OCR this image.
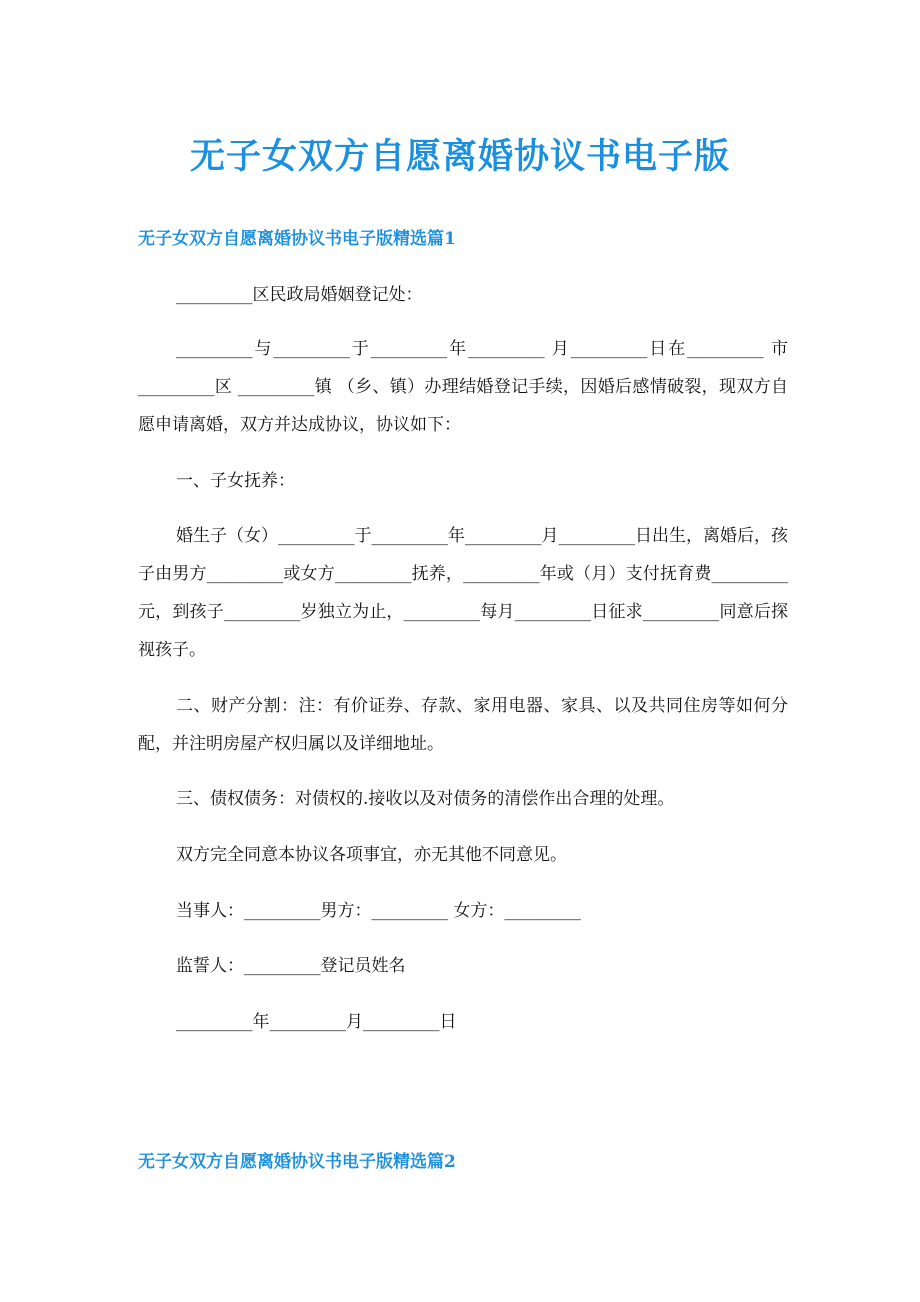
无子女双方自愿离婚协议书电子版
无子女双方自愿离婚协议书电子版精选篇1

_________区民政局婚姻登记处：

_________与_________于_________年_________ 月_________日在_________ 市_________区 _________镇 （乡、镇）办理结婚登记手续，因婚后感情破裂，现双方自愿申请离婚，双方并达成协议，协议如下：

一、子女抚养：

婚生子（女）_________于_________年_________月_________日出生，离婚后，孩子由男方_________或女方_________抚养，_________年或（月）支付抚育费_________元，到孩子_________岁独立为止，_________每月_________日征求_________同意后探视孩子。

二、财产分割：注：有价证券、存款、家用电器、家具、以及共同住房等如何分配，并注明房屋产权归属以及详细地址。

三、债权债务：对债权的.接收以及对债务的清偿作出合理的处理。

双方完全同意本协议各项事宜，亦无其他不同意见。

当事人：_________男方：_________ 女方：_________

监誓人：_________登记员姓名

_________年_________月_________日

无子女双方自愿离婚协议书电子版精选篇2
